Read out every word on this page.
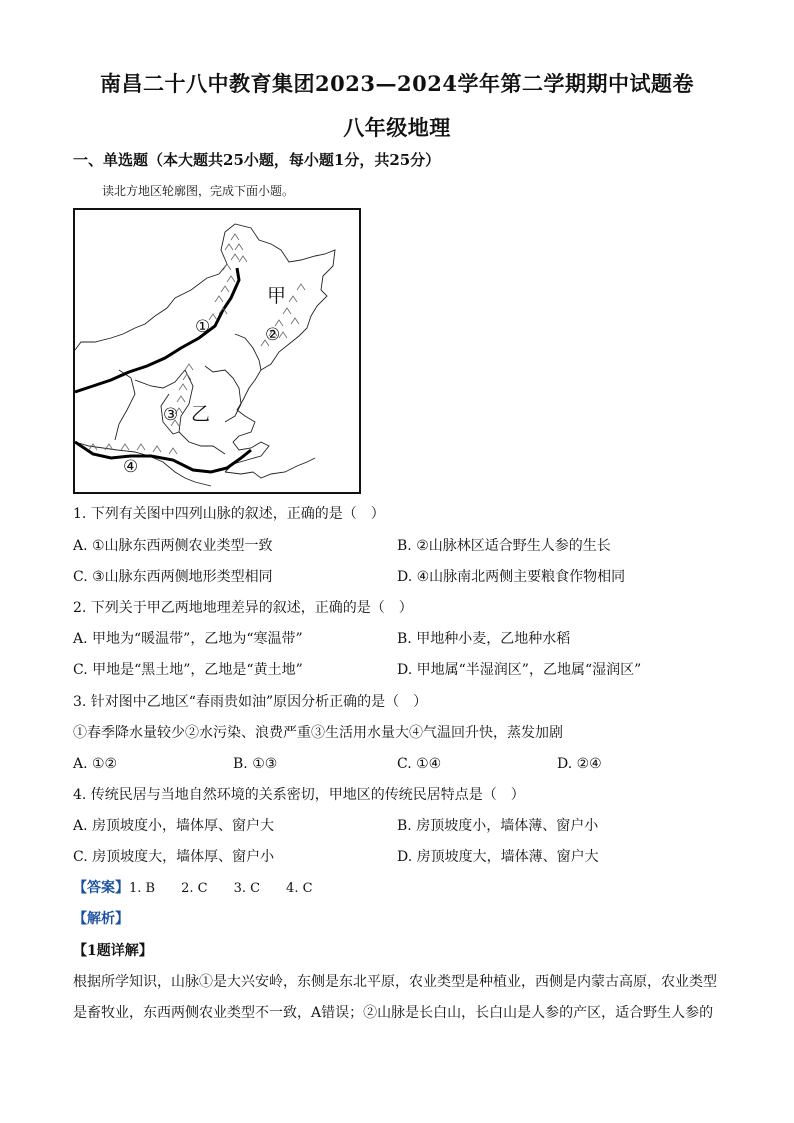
南昌二十八中教育集团2023—2024学年第二学期期中试题卷
八年级地理
一、单选题（本大题共25小题，每小题1分，共25分）
读北方地区轮廓图，完成下面小题。
甲
乙
①	②
③
④
1. 下列有关图中四列山脉的叙述，正确的是（　）
A. ①山脉东西两侧农业类型一致	B. ②山脉林区适合野生人参的生长
C. ③山脉东西两侧地形类型相同	D. ④山脉南北两侧主要粮食作物相同
2. 下列关于甲乙两地地理差异的叙述，正确的是（　）
A. 甲地为“暖温带”，乙地为“寒温带”	B. 甲地种小麦，乙地种水稻
C. 甲地是“黑土地”，乙地是“黄土地”	D. 甲地属“半湿润区”，乙地属“湿润区”
3. 针对图中乙地区“春雨贵如油”原因分析正确的是（　）
①春季降水量较少②水污染、浪费严重③生活用水量大④气温回升快，蒸发加剧
A. ①②	B. ①③	C. ①④	D. ②④
4. 传统民居与当地自然环境的关系密切，甲地区的传统民居特点是（　）
A. 房顶坡度小，墙体厚、窗户大	B. 房顶坡度小，墙体薄、窗户小
C. 房顶坡度大，墙体厚、窗户小	D. 房顶坡度大，墙体薄、窗户大
【答案】1. B　　2. C　　3. C　　4. C
【解析】
【1题详解】
根据所学知识，山脉①是大兴安岭，东侧是东北平原，农业类型是种植业，西侧是内蒙古高原，农业类型
是畜牧业，东西两侧农业类型不一致，A错误；②山脉是长白山，长白山是人参的产区，适合野生人参的
